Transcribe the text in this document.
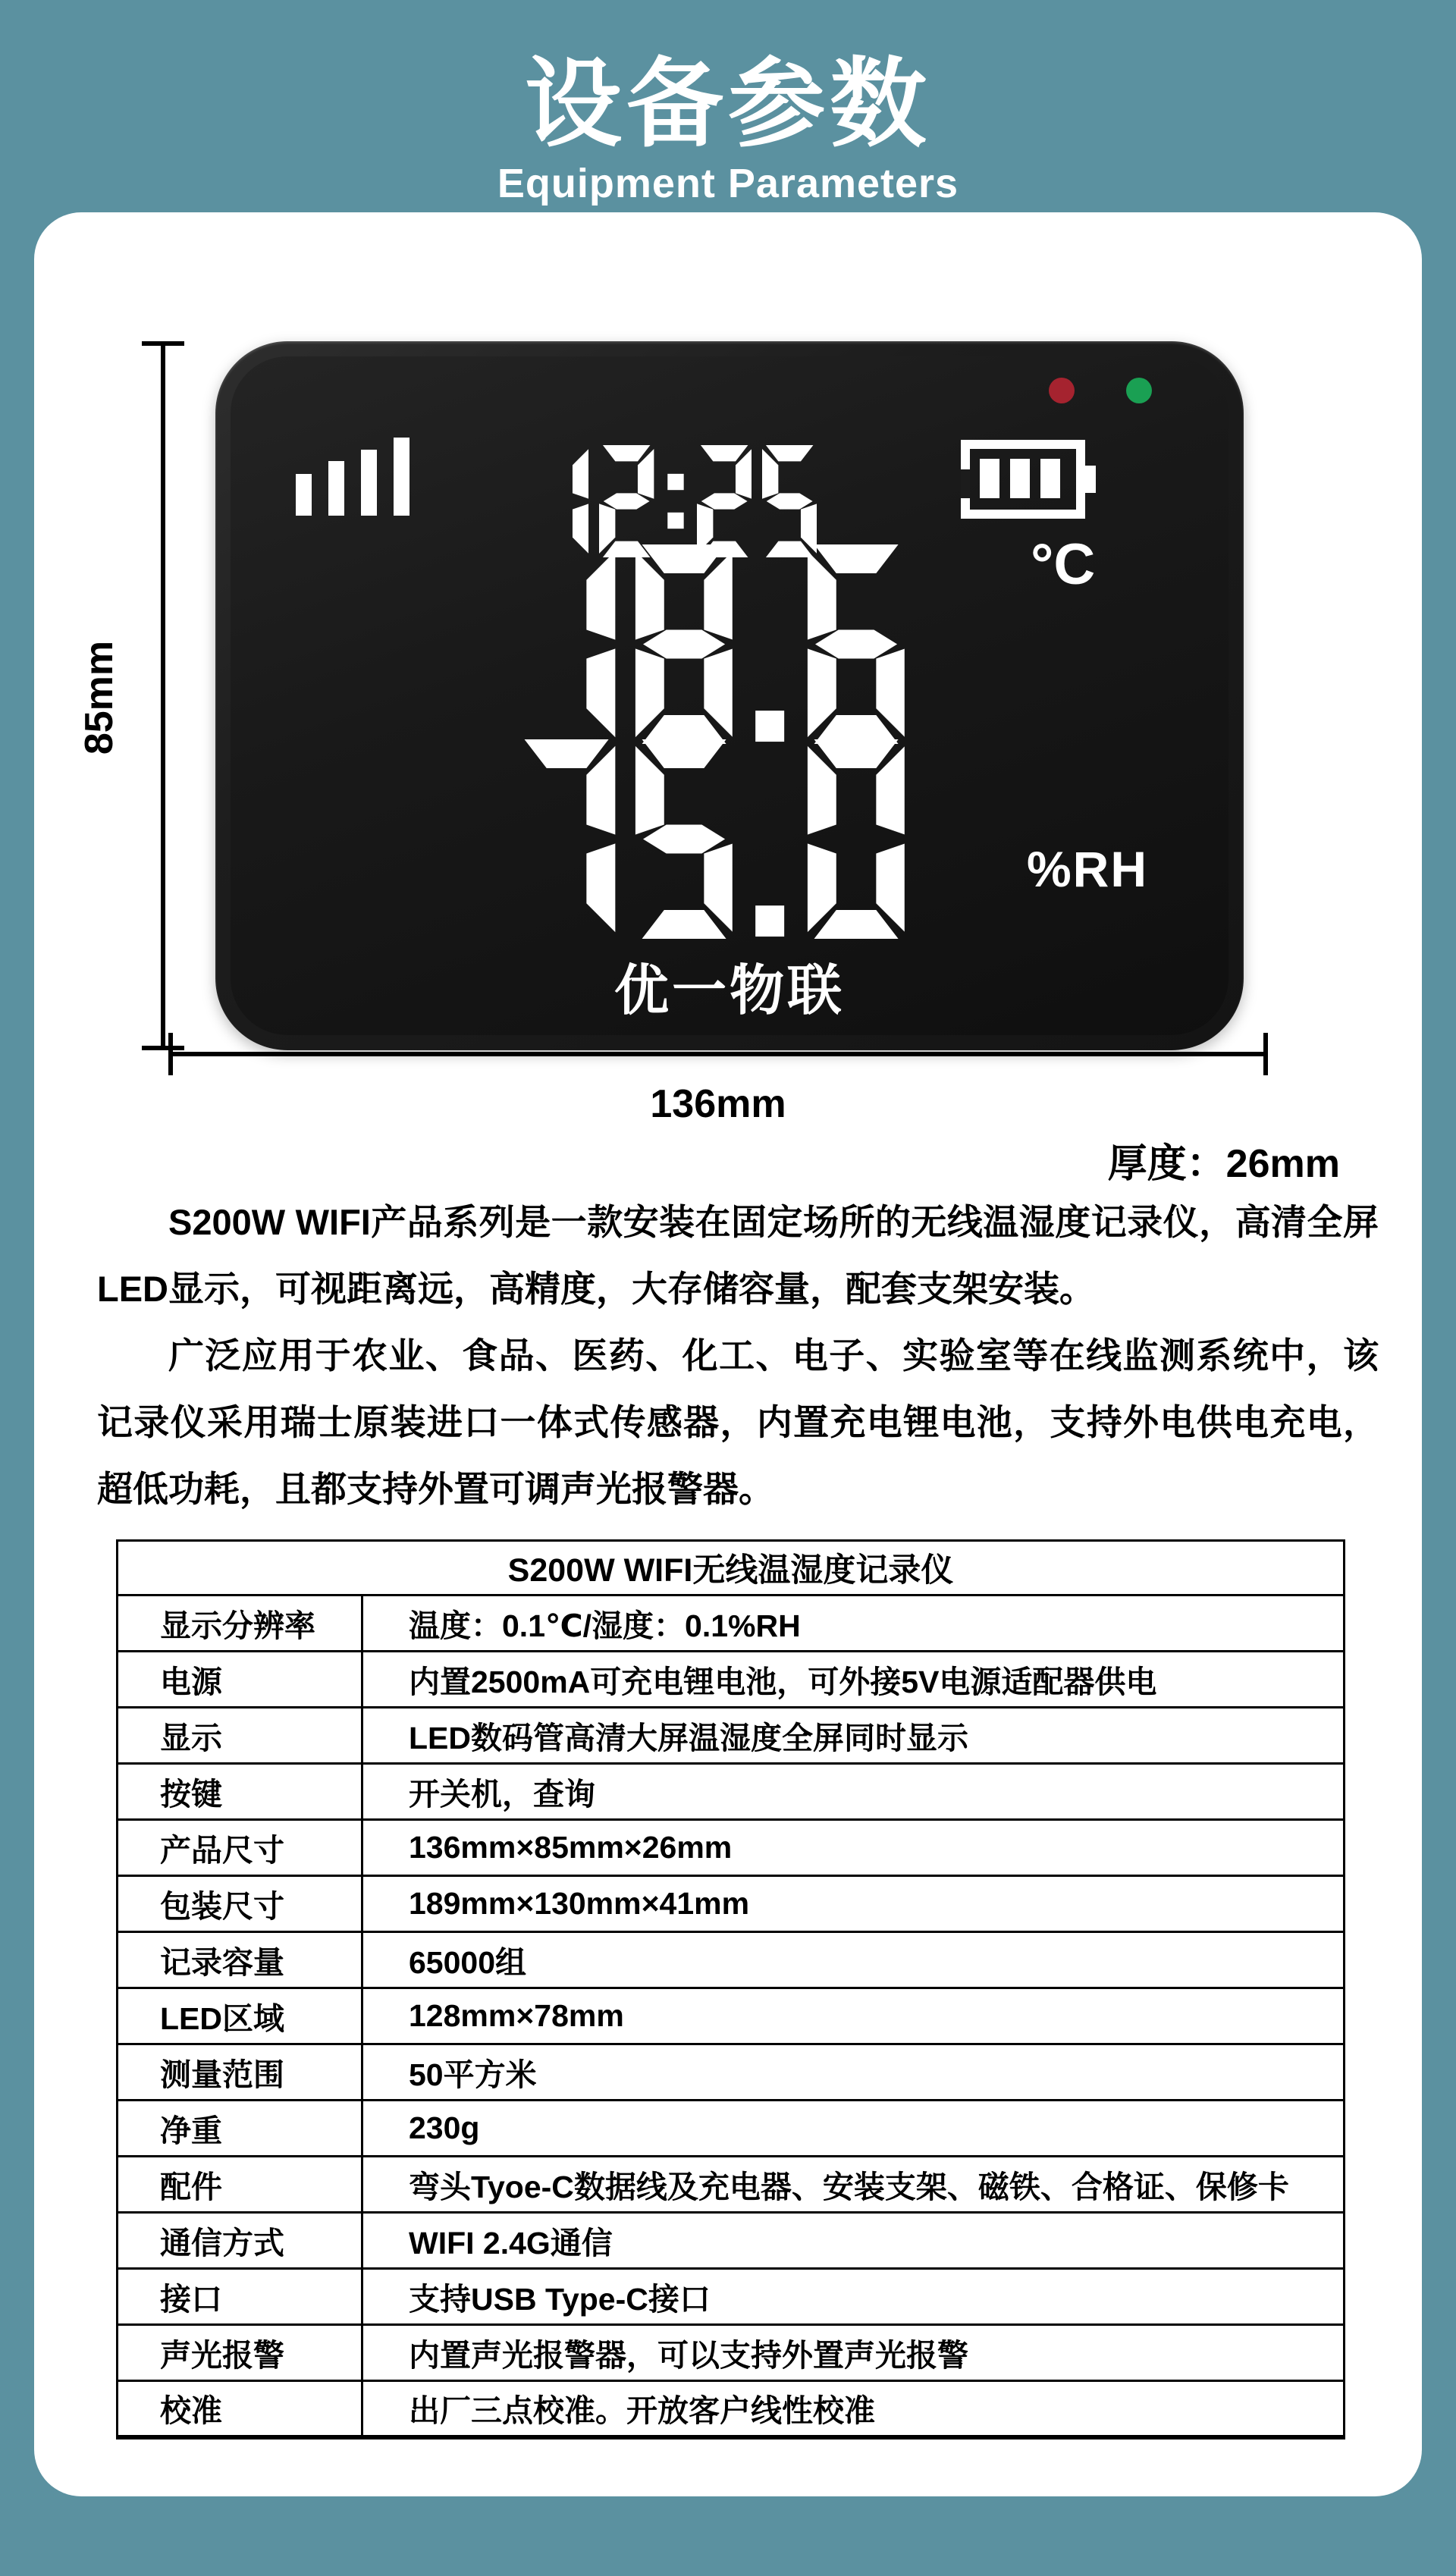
设备参数
Equipment Parameters
85mm
°C
%RH
优一物联
136mm
厚度：26mm

S200W WIFI产品系列是一款安装在固定场所的无线温湿度记录仪，高清全屏LED显示，可视距离远，高精度，大存储容量，配套支架安装。

广泛应用于农业、食品、医药、化工、电子、实验室等在线监测系统中，该记录仪采用瑞士原装进口一体式传感器，内置充电锂电池，支持外电供电充电，超低功耗，且都支持外置可调声光报警器。

S200W WIFI无线温湿度记录仪	
显示分辨率	温度：0.1℃/湿度：0.1%RH
电源	内置2500mA可充电锂电池，可外接5V电源适配器供电
显示	LED数码管高清大屏温湿度全屏同时显示
按键	开关机，查询
产品尺寸	136mm×85mm×26mm
包装尺寸	189mm×130mm×41mm
记录容量	65000组
LED区域	128mm×78mm
测量范围	50平方米
净重	230g
配件	弯头Tyoe-C数据线及充电器、安装支架、磁铁、合格证、保修卡
通信方式	WIFI 2.4G通信
接口	支持USB Type-C接口
声光报警	内置声光报警器，可以支持外置声光报警
校准	出厂三点校准。开放客户线性校准
